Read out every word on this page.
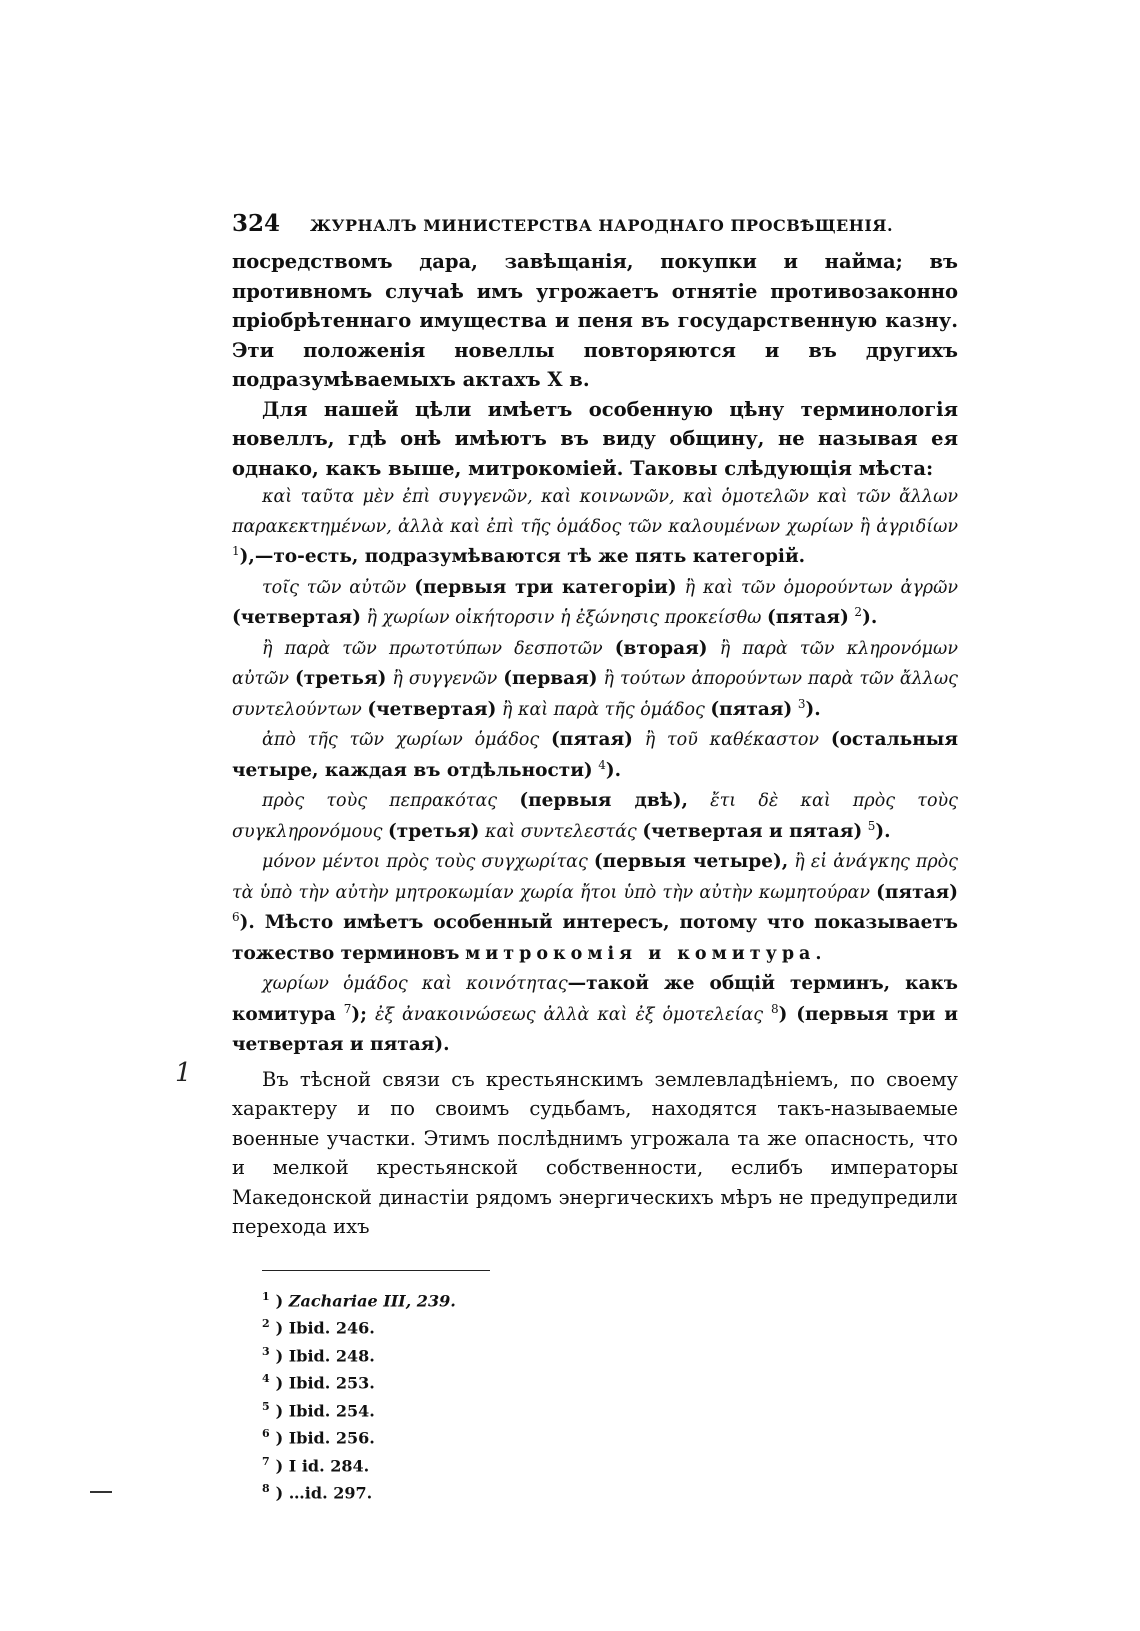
324 ЖУРНАЛЪ МИНИСТЕРСТВА НАРОДНАГО ПРОСВѢЩЕНІЯ.

посредствомъ дара, завѣщанія, покупки и найма; въ противномъ случаѣ имъ угрожаетъ отнятіе противозаконно пріобрѣтеннаго имущества и пеня въ государственную казну. Эти положенія новеллы повторяются и въ другихъ подразумѣваемыхъ актахъ X в.

Для нашей цѣли имѣетъ особенную цѣну терминологія новеллъ, гдѣ онѣ имѣютъ въ виду общину, не называя ея однако, какъ выше, митрокоміей. Таковы слѣдующія мѣста:

καὶ ταῦτα μὲν ἐπὶ συγγενῶν, καὶ κοινωνῶν, καὶ ὁμοτελῶν καὶ τῶν ἄλλων παρακεκτημένων, ἀλλὰ καὶ ἐπὶ τῆς ὁμάδος τῶν καλουμένων χωρίων ἢ ἀγριδίων $^1$),—то-есть, подразумѣваются тѣ же пять категорій.

τοῖς τῶν αὐτῶν (первыя три категоріи) ἢ καὶ τῶν ὁμορούντων ἀγρῶν (четвертая) ἢ χωρίων οἰκήτορσιν ἡ ἐξώνησις προκείσθω (пятая) $^2$).

ἢ παρὰ τῶν πρωτοτύπων δεσποτῶν (вторая) ἢ παρὰ τῶν κληρονόμων αὐτῶν (третья) ἢ συγγενῶν (первая) ἢ τούτων ἀπορούντων παρὰ τῶν ἄλλως συντελούντων (четвертая) ἢ καὶ παρὰ τῆς ὁμάδος (пятая) $^3$).

ἀπὸ τῆς τῶν χωρίων ὁμάδος (пятая) ἢ τοῦ καθέκαστον (остальныя четыре, каждая въ отдѣльности) $^4$).

πρὸς τοὺς πεπρακότας (первыя двѣ), ἔτι δὲ καὶ πρὸς τοὺς συγκληρονόμους (третья) καὶ συντελεστάς (четвертая и пятая) $^5$).

μόνον μέντοι πρὸς τοὺς συγχωρίτας (первыя четыре), ἢ εἰ ἀνάγκης πρὸς τὰ ὑπὸ τὴν αὐτὴν μητροκωμίαν χωρία ἤτοι ὑπὸ τὴν αὐτὴν κωμητούραν (пятая) $^6$). Мѣсто имѣетъ особенный интересъ, потому что показываетъ тожество терминовъ митрокомія и комитура.

χωρίων ὁμάδος καὶ κοινότητας—такой же общій терминъ, какъ комитура $^7$); ἐξ ἀνακοινώσεως ἀλλὰ καὶ ἐξ ὁμοτελείας $^8$) (первыя три и четвертая и пятая).

Въ тѣсной связи съ крестьянскимъ землевладѣніемъ, по своему характеру и по своимъ судьбамъ, находятся такъ-называемые военные участки. Этимъ послѣднимъ угрожала та же опасность, что и мелкой крестьянской собственности, еслибъ императоры Македонской династіи рядомъ энергическихъ мѣръ не предупредили перехода ихъ

$^1$ ) Zachariae III, 239.
$^2$ ) Ibid. 246.
$^3$ ) Ibid. 248.
$^4$ ) Ibid. 253.
$^5$ ) Ibid. 254.
$^6$ ) Ibid. 256.
$^7$ ) I id. 284.
$^8$ ) …id. 297.
1
